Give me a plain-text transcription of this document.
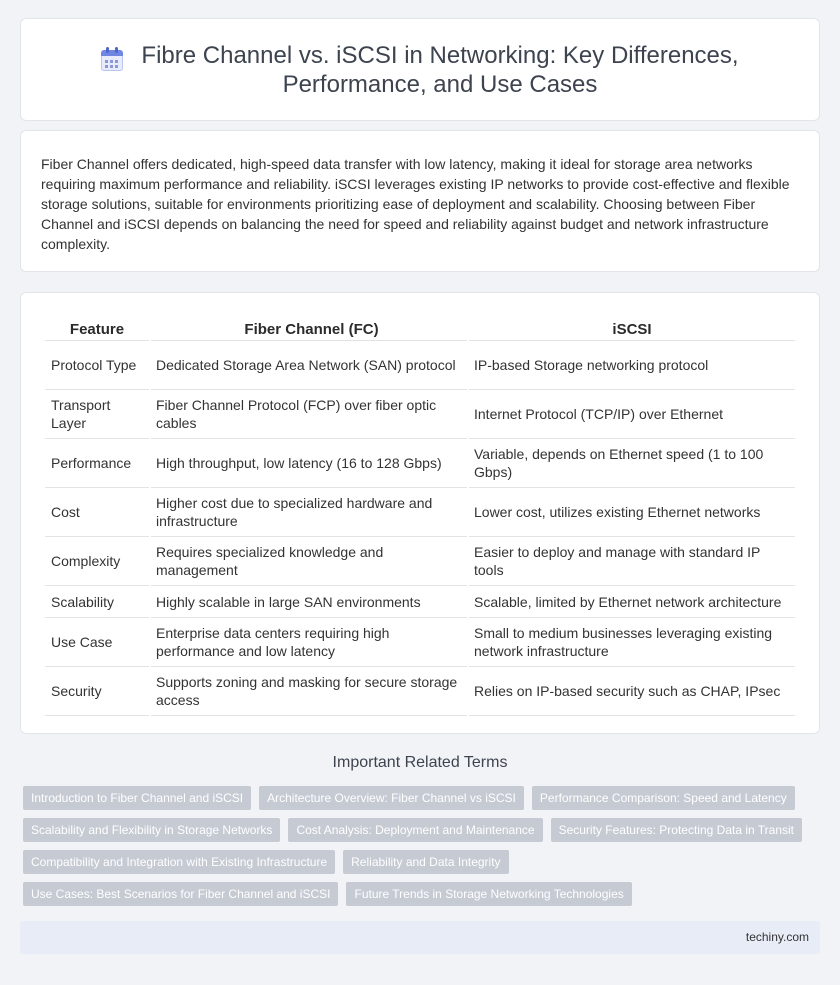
Fibre Channel vs. iSCSI in Networking: Key Differences,
Performance, and Use Cases

Fiber Channel offers dedicated, high-speed data transfer with low latency, making it ideal for storage area networks requiring maximum performance and reliability. iSCSI leverages existing IP networks to provide cost-effective and flexible storage solutions, suitable for environments prioritizing ease of deployment and scalability. Choosing between Fiber Channel and iSCSI depends on balancing the need for speed and reliability against budget and network infrastructure complexity.

Feature	Fiber Channel (FC)	iSCSI
Protocol Type	Dedicated Storage Area Network (SAN) protocol	IP-based Storage networking protocol
Transport Layer	Fiber Channel Protocol (FCP) over fiber optic cables	Internet Protocol (TCP/IP) over Ethernet
Performance	High throughput, low latency (16 to 128 Gbps)	Variable, depends on Ethernet speed (1 to 100 Gbps)
Cost	Higher cost due to specialized hardware and infrastructure	Lower cost, utilizes existing Ethernet networks
Complexity	Requires specialized knowledge and management	Easier to deploy and manage with standard IP tools
Scalability	Highly scalable in large SAN environments	Scalable, limited by Ethernet network architecture
Use Case	Enterprise data centers requiring high performance and low latency	Small to medium businesses leveraging existing network infrastructure
Security	Supports zoning and masking for secure storage access	Relies on IP-based security such as CHAP, IPsec
Important Related Terms
Introduction to Fiber Channel and iSCSI	Architecture Overview: Fiber Channel vs iSCSI	Performance Comparison: Speed and Latency
Scalability and Flexibility in Storage Networks	Cost Analysis: Deployment and Maintenance	Security Features: Protecting Data in Transit
Compatibility and Integration with Existing Infrastructure	Reliability and Data Integrity
Use Cases: Best Scenarios for Fiber Channel and iSCSI	Future Trends in Storage Networking Technologies
techiny.com
